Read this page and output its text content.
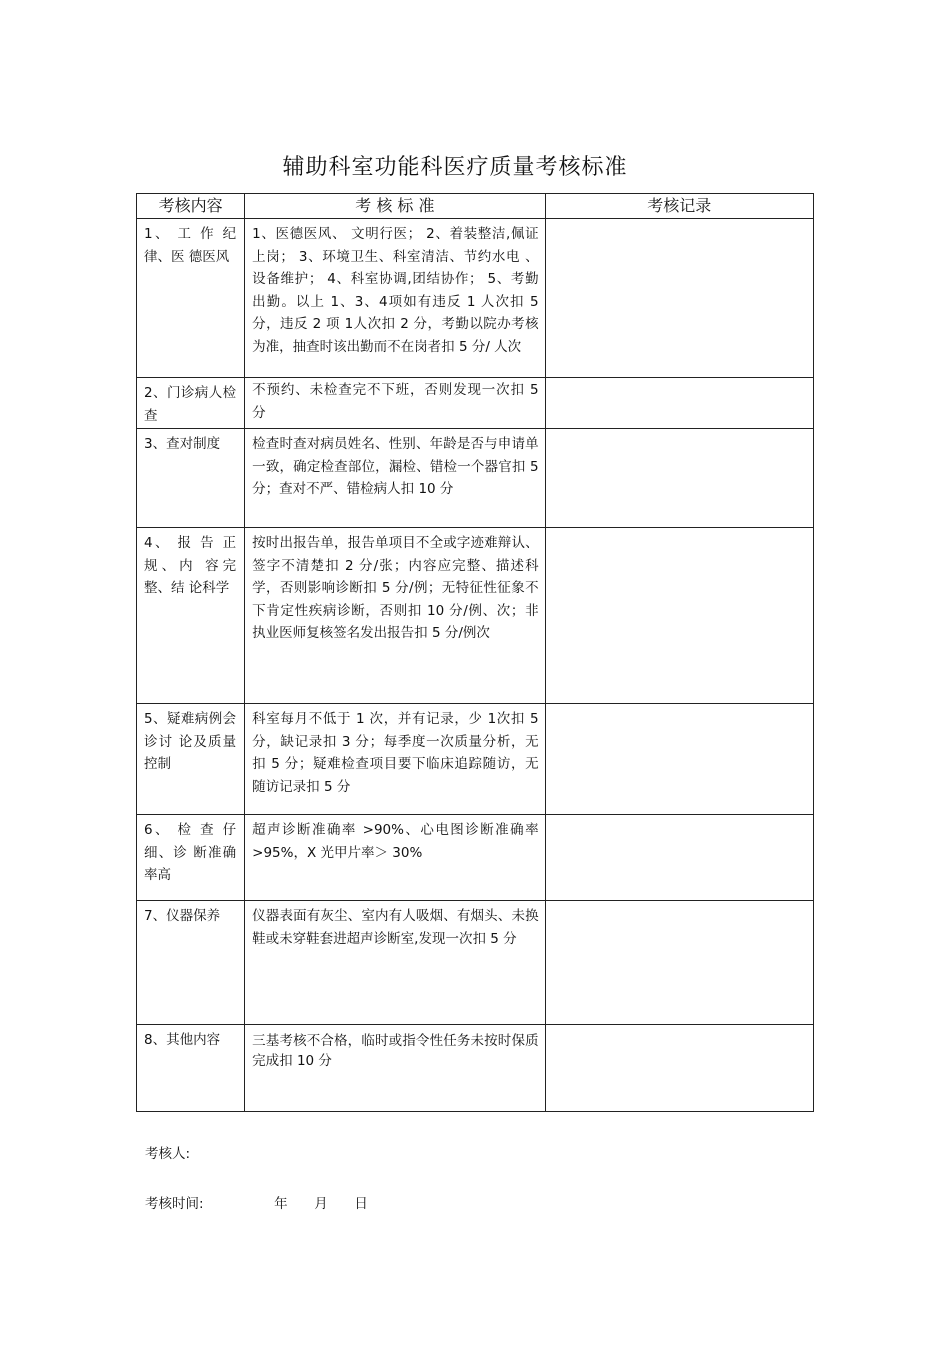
辅助科室功能科医疗质量考核标准
考核内容	考 核 标 准	考核记录

1、 工 作 纪律、医 德医风	1、医德医风、 文明行医； 2、着装整洁,佩证上岗； 3、环境卫生、科室清洁、节约水电 、设备维护； 4、科室协调,团结协作； 5、考勤出勤。以上 1、3、4项如有违反 1 人次扣 5 分，违反 2 项 1人次扣 2 分，考勤以院办考核为准，抽查时该出勤而不在岗者扣 5 分/ 人次	

2、门诊病人检查	不预约、未检查完不下班，否则发现一次扣 5 分	

3、查对制度	检查时查对病员姓名、性别、年龄是否与申请单一致，确定检查部位，漏检、错检一个器官扣 5 分；查对不严、错检病人扣 10 分	

4、 报 告 正规、内 容完整、结 论科学	按时出报告单，报告单项目不全或字迹难辩认、 签字不清楚扣 2 分/张；内容应完整、描述科学，否则影响诊断扣 5 分/例；无特征性征象不下肯定性疾病诊断，否则扣 10 分/例、次；非执业医师复核签名发出报告扣 5 分/例次	

5、疑难病例会诊讨 论及质量控制	科室每月不低于 1 次，并有记录，少 1次扣 5 分，缺记录扣 3 分；每季度一次质量分析，无扣 5 分；疑难检查项目要下临床追踪随访，无随访记录扣 5 分	

6、 检 查 仔细、诊 断准确率高	超声诊断准确率 >90%、心电图诊断准确率>95%，X 光甲片率＞ 30%	

7、仪器保养	仪器表面有灰尘、室内有人吸烟、有烟头、未换鞋或未穿鞋套进超声诊断室,发现一次扣 5 分	

8、其他内容	三基考核不合格，临时或指令性任务未按时保质完成扣 10 分	

考核人:
考核时间:	年 月 日
